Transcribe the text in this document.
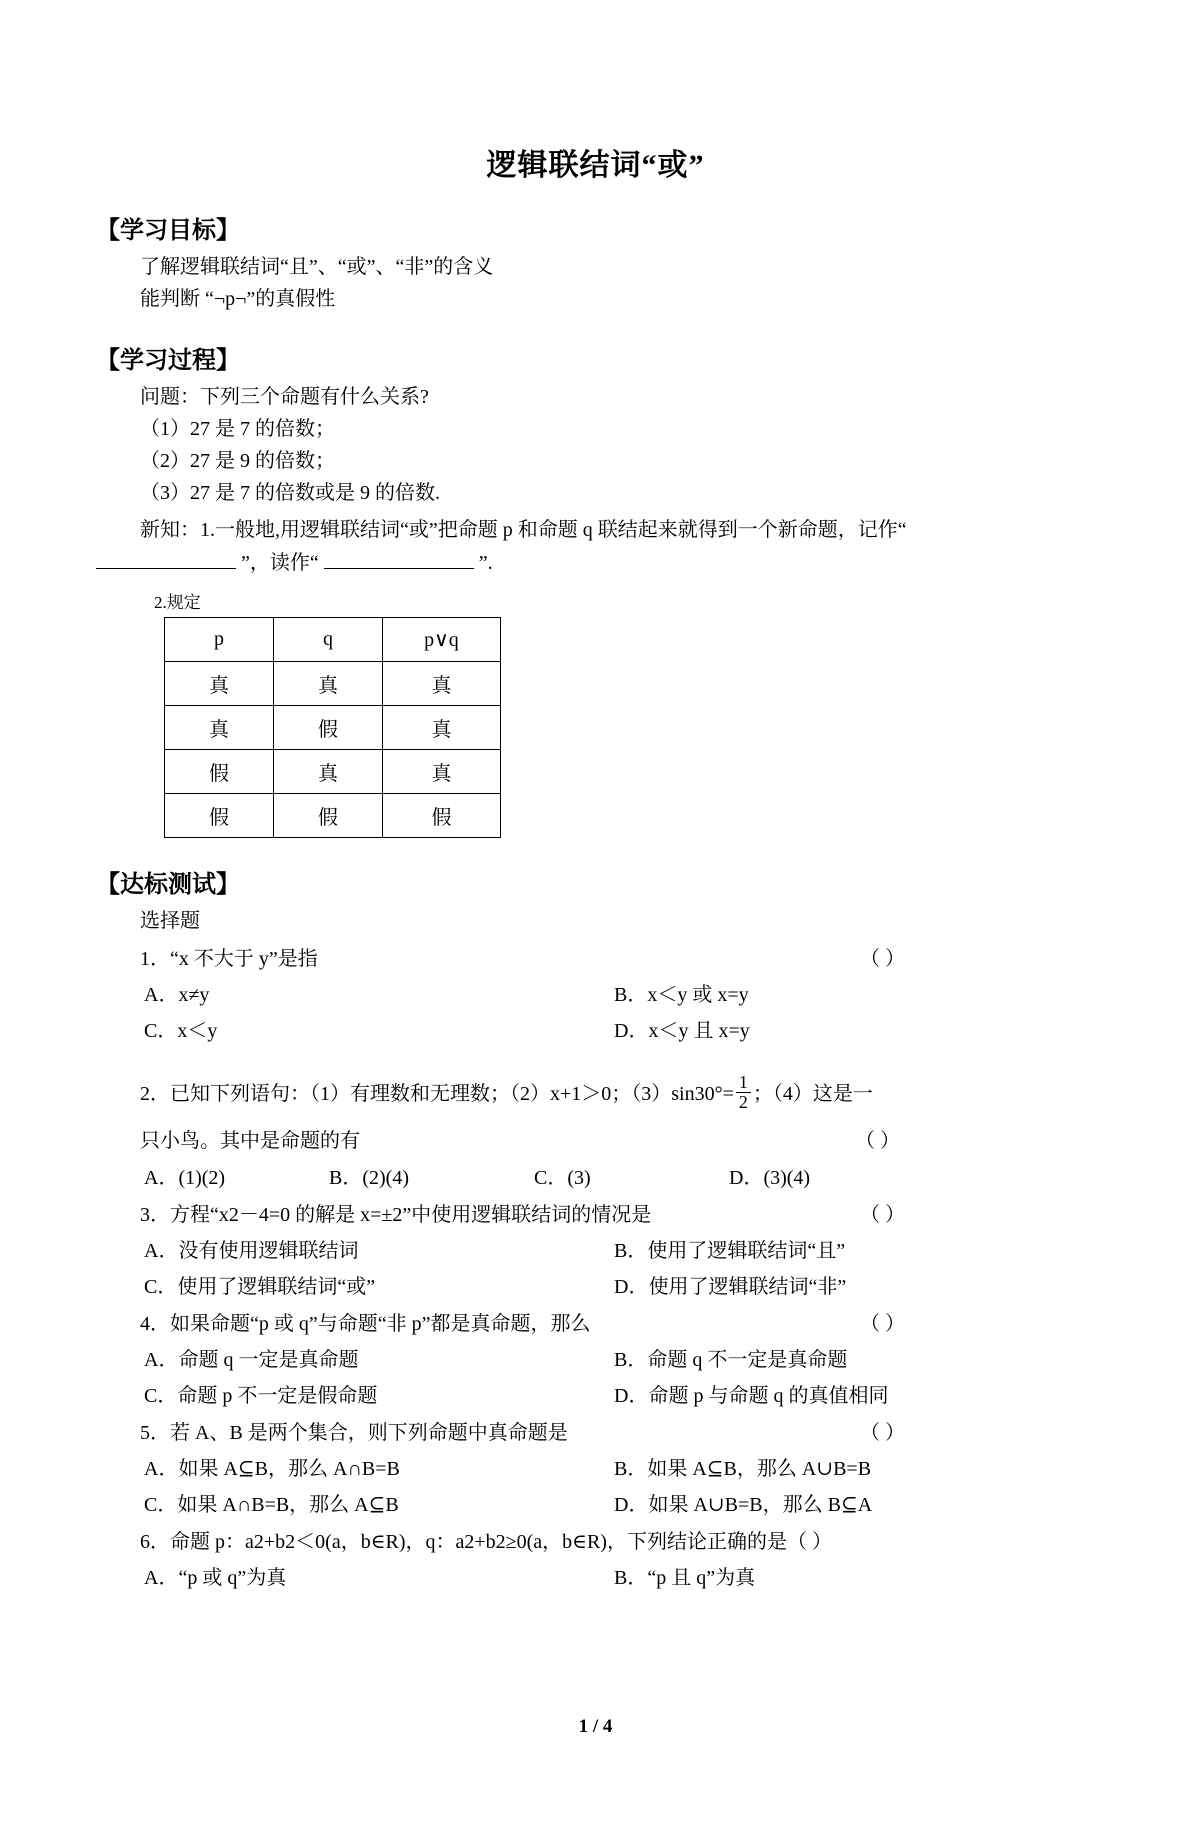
逻辑联结词“或”
【学习目标】
了解逻辑联结词“且”、“或”、“非”的含义
能判断 “¬p¬”的真假性
【学习过程】
问题：下列三个命题有什么关系?
（1）27 是 7 的倍数；
（2）27 是 9 的倍数；
（3）27 是 7 的倍数或是 9 的倍数.
新知：1.一般地,用逻辑联结词“或”把命题 p 和命题 q 联结起来就得到一个新命题，记作“
”，读作“	”.
2.规定
p	q	p∨q
真	真	真
真	假	真
假	真	真
假	假	假
【达标测试】
选择题
1．“x 不大于 y”是指	（ ）
A．x≠y	B．x＜y 或 x=y
C．x＜y	D．x＜y 且 x=y
2．已知下列语句：（1）有理数和无理数；（2）x+1＞0；$(3)\sin 30^\circ= \frac{1}{2}$ ；（4）这是一
只小鸟。其中是命题的有	（ ）
A．(1)(2)	B．(2)(4)	C．(3)	D．(3)(4)
3．方程“x2－4=0 的解是 x=±2”中使用逻辑联结词的情况是	（ ）
A．没有使用逻辑联结词	B．使用了逻辑联结词“且”
C．使用了逻辑联结词“或”	D．使用了逻辑联结词“非”
4．如果命题“p 或 q”与命题“非 p”都是真命题，那么	（ ）
A．命题 q 一定是真命题	B．命题 q 不一定是真命题
C．命题 p 不一定是假命题	D．命题 p 与命题 q 的真值相同
5．若 A、B 是两个集合，则下列命题中真命题是	（ ）
A．如果 A⊆B，那么 A∩B=B	B．如果 A⊆B，那么 A∪B=B
C．如果 A∩B=B，那么 A⊆B	D．如果 A∪B=B，那么 B⊆A
6．命题 p：a2+b2＜0(a，b∈R)，q：a2+b2≥0(a，b∈R)，下列结论正确的是（ ）
A．“p 或 q”为真	B．“p 且 q”为真
1 / 4
